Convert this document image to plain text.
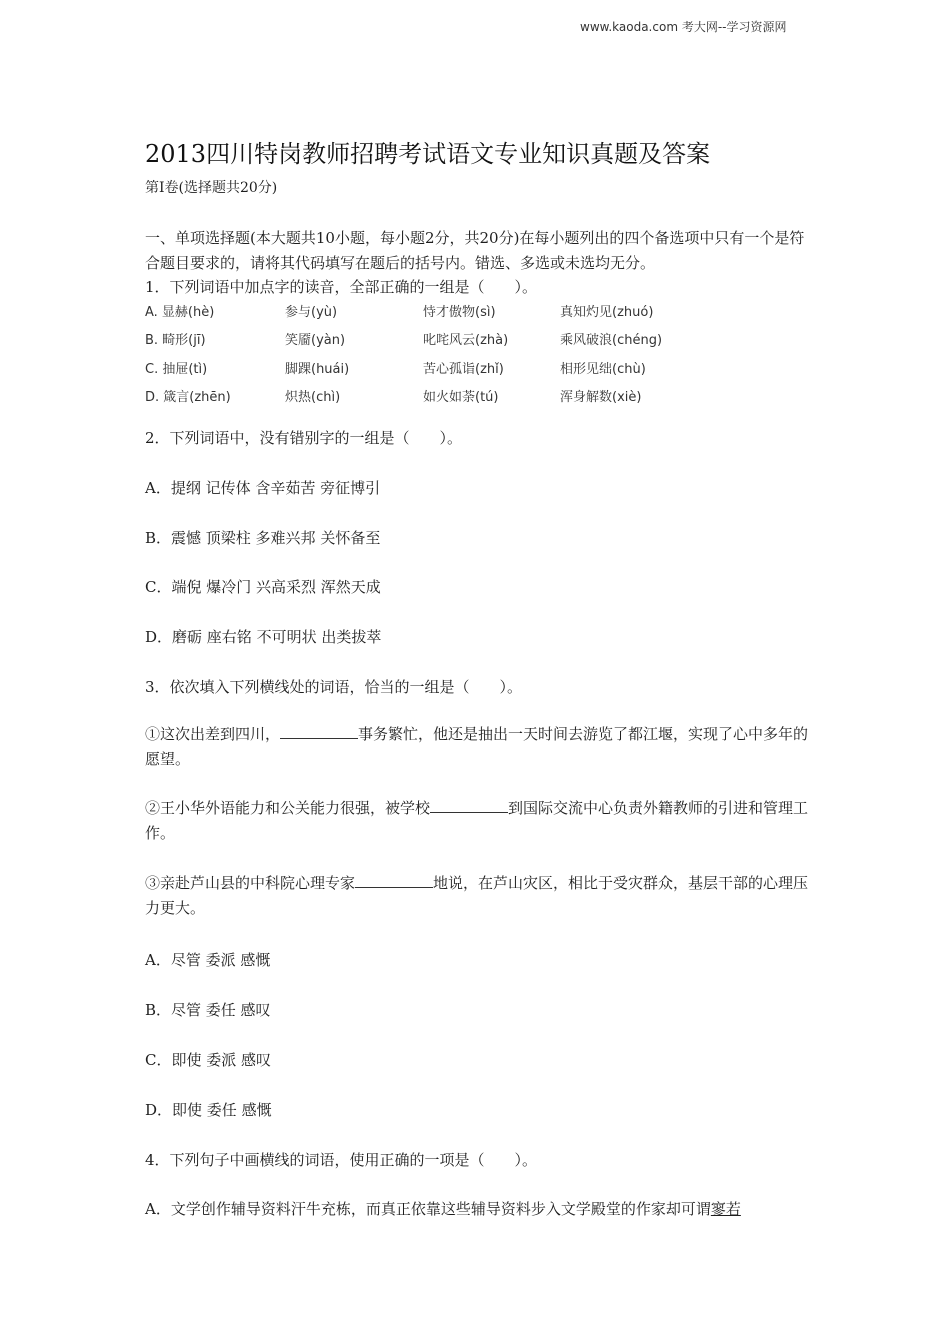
www.kaoda.com 考大网--学习资源网
2013四川特岗教师招聘考试语文专业知识真题及答案
第Ⅰ卷(选择题共20分)
一、单项选择题(本大题共10小题，每小题2分，共20分)在每小题列出的四个备选项中只有一个是符合题目要求的，请将其代码填写在题后的括号内。错选、多选或未选均无分。
1．下列词语中加点字的读音，全部正确的一组是（　　）。
A. 显赫(hè)	参与(yù)	恃才傲物(sì)	真知灼见(zhuó)
B. 畸形(jī)	笑靥(yàn)	叱咤风云(zhà)	乘风破浪(chéng)
C. 抽屉(tì)	脚踝(huái)	苦心孤诣(zhǐ)	相形见绌(chù)
D. 箴言(zhēn)	炽热(chì)	如火如荼(tú)	浑身解数(xiè)
2．下列词语中，没有错别字的一组是（　　）。
A．提纲 记传体 含辛茹苦 旁征博引
B．震憾 顶梁柱 多难兴邦 关怀备至
C．端倪 爆冷门 兴高采烈 浑然天成
D．磨砺 座右铭 不可明状 出类拔萃
3．依次填入下列横线处的词语，恰当的一组是（　　）。
①这次出差到四川，	事务繁忙，他还是抽出一天时间去游览了都江堰，实现了心中多年的愿望。
②王小华外语能力和公关能力很强，被学校	到国际交流中心负责外籍教师的引进和管理工作。
③亲赴芦山县的中科院心理专家	地说，在芦山灾区，相比于受灾群众，基层干部的心理压力更大。
A．尽管 委派 感慨
B．尽管 委任 感叹
C．即使 委派 感叹
D．即使 委任 感慨
4．下列句子中画横线的词语，使用正确的一项是（　　）。
A．文学创作辅导资料汗牛充栋，而真正依靠这些辅导资料步入文学殿堂的作家却可谓寥若
